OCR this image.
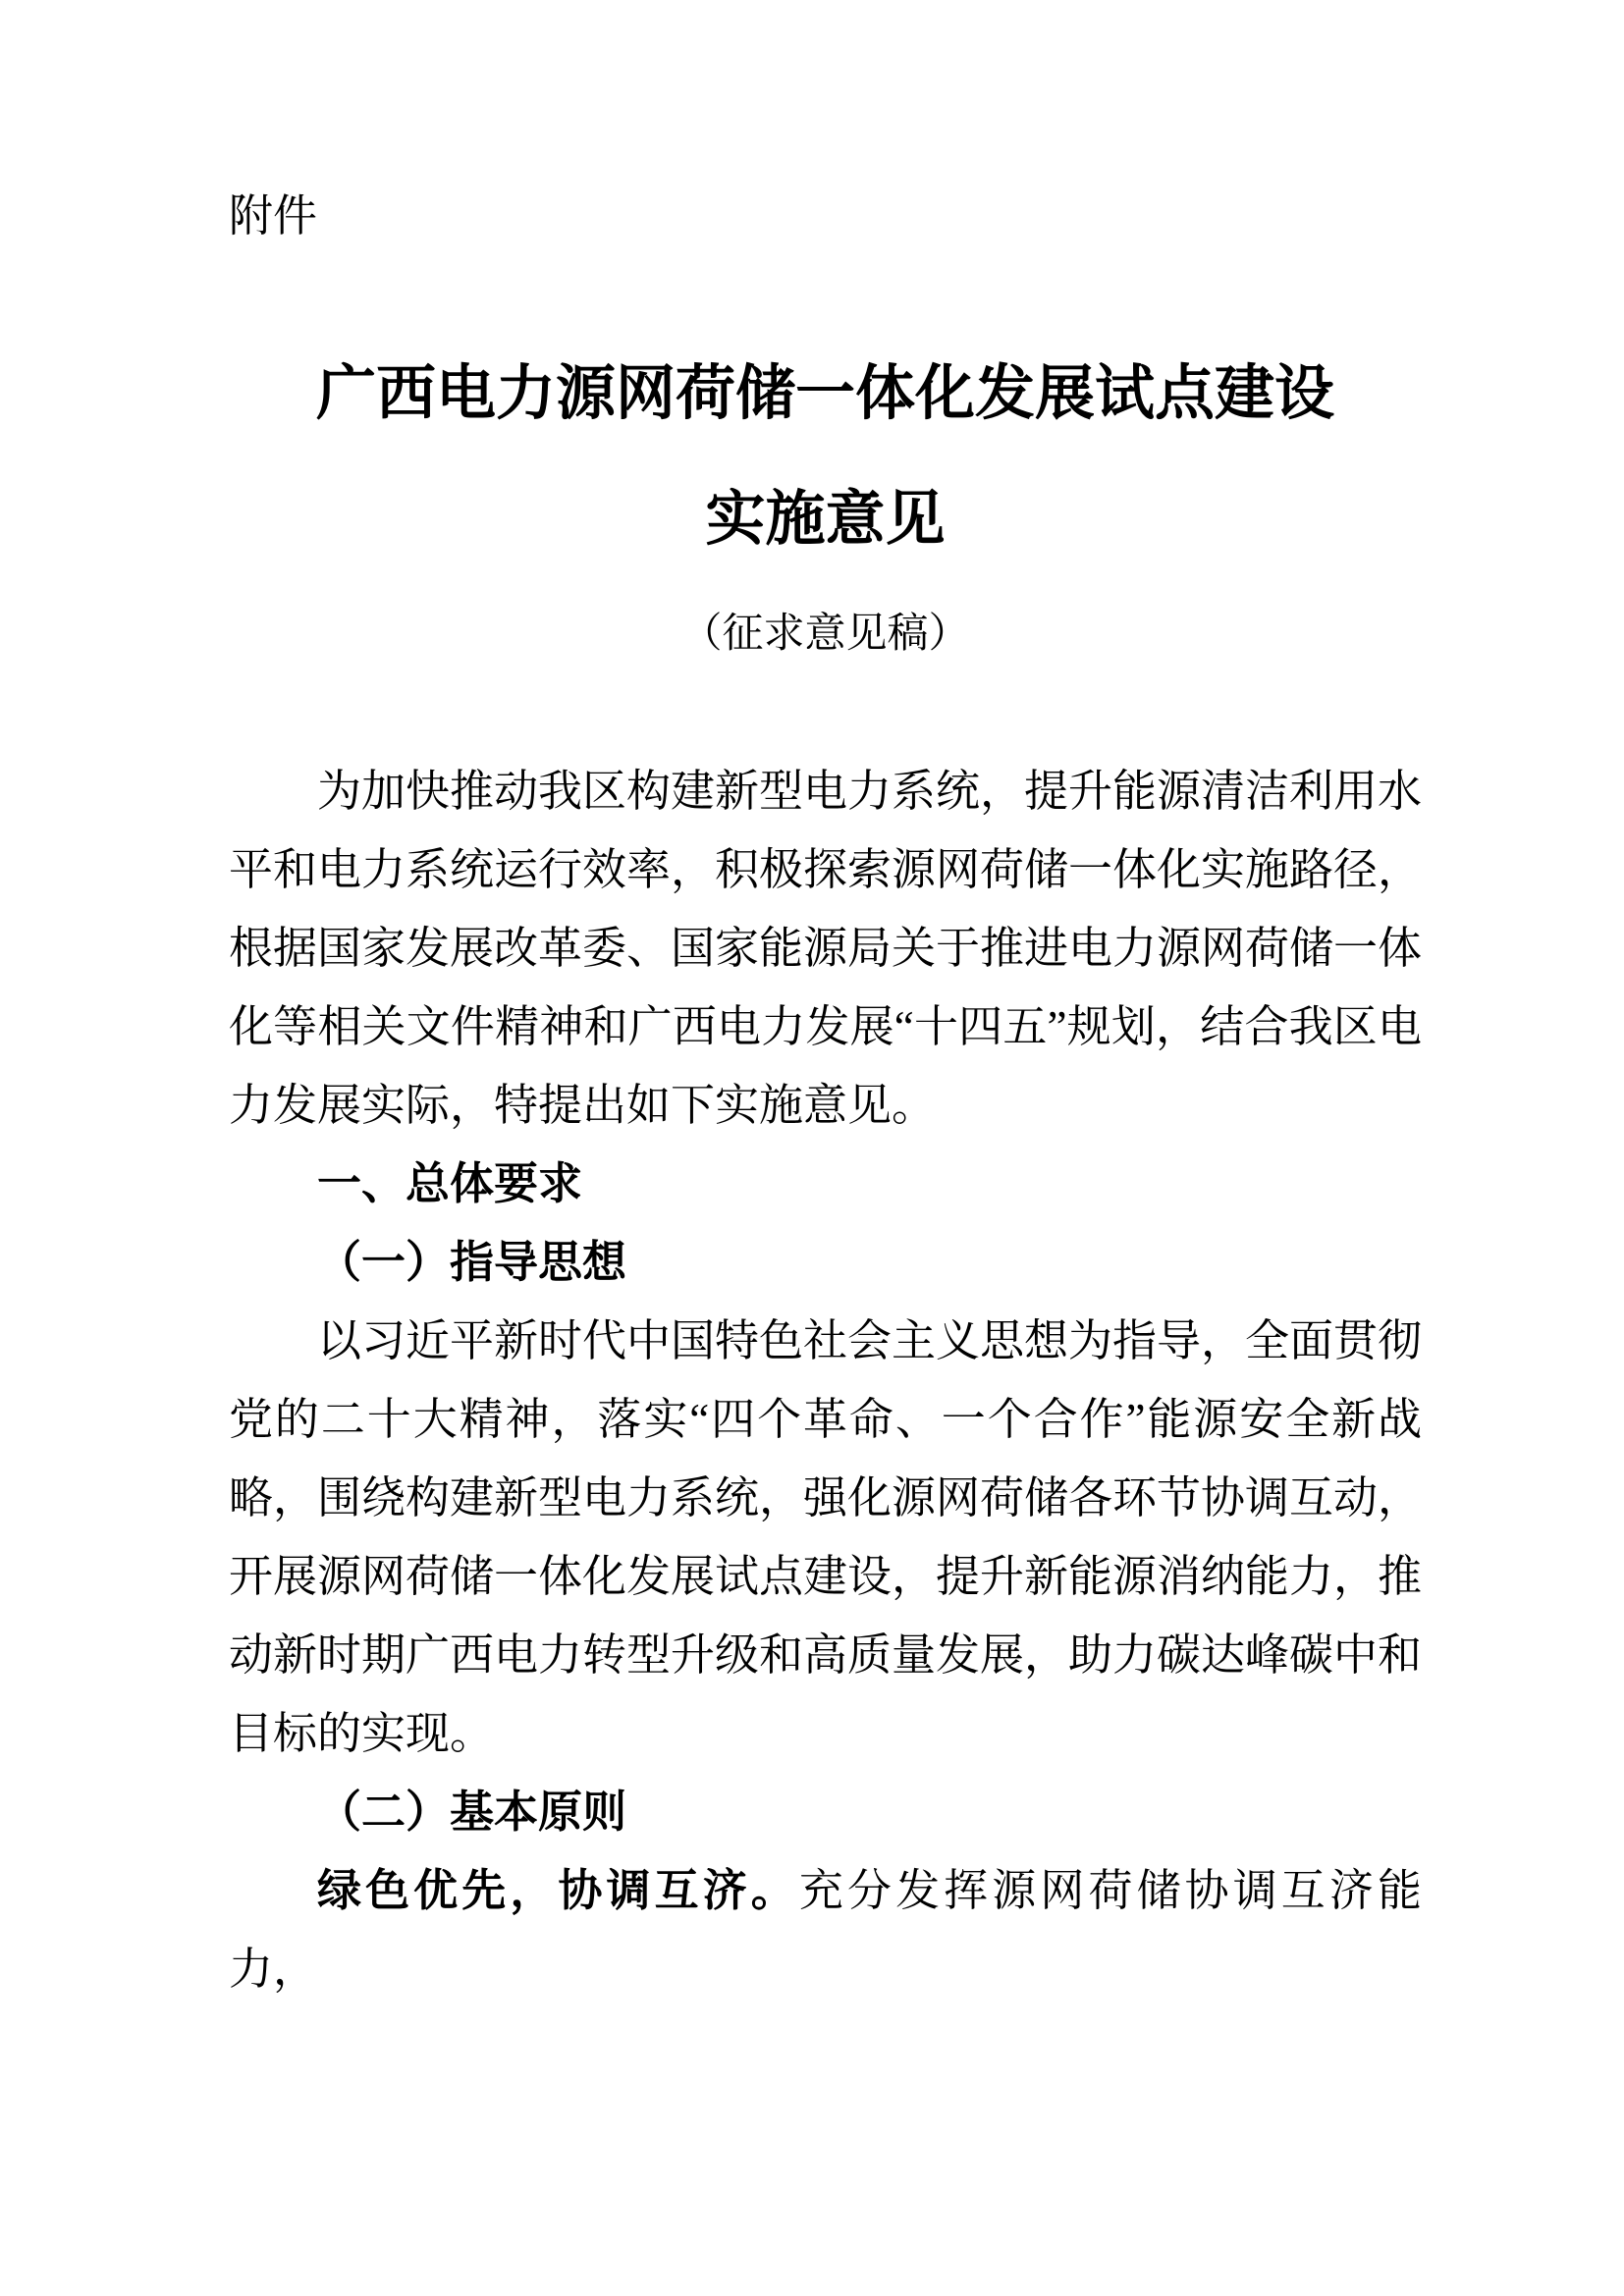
附件
广西电力源网荷储一体化发展试点建设
实施意见
（征求意见稿）

为加快推动我区构建新型电力系统，提升能源清洁利用水平和电力系统运行效率，积极探索源网荷储一体化实施路径，根据国家发展改革委、国家能源局关于推进电力源网荷储一体化等相关文件精神和广西电力发展“十四五”规划，结合我区电力发展实际，特提出如下实施意见。

一、总体要求

（一）指导思想

以习近平新时代中国特色社会主义思想为指导，全面贯彻党的二十大精神，落实“四个革命、一个合作”能源安全新战略，围绕构建新型电力系统，强化源网荷储各环节协调互动，开展源网荷储一体化发展试点建设，提升新能源消纳能力，推动新时期广西电力转型升级和高质量发展，助力碳达峰碳中和目标的实现。

（二）基本原则

绿色优先，协调互济。充分发挥源网荷储协调互济能力，
